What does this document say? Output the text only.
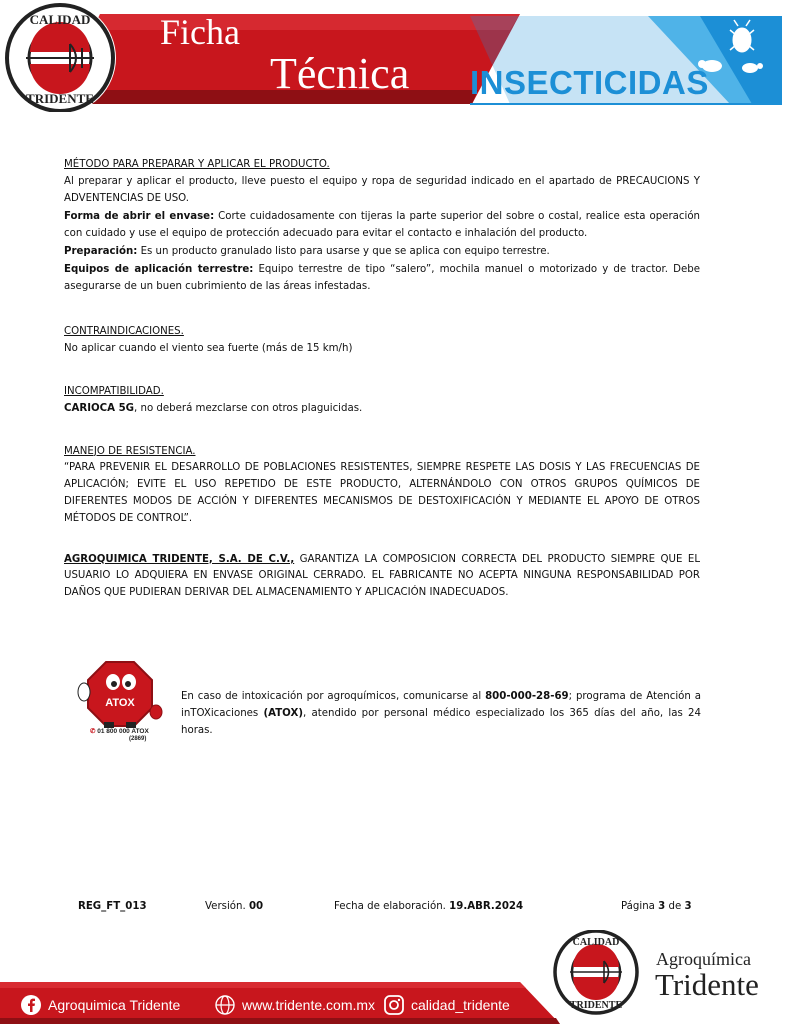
CALIDAD
TRIDENTE
Ficha
Técnica INSECTICIDAS
MÉTODO PARA PREPARAR Y APLICAR EL PRODUCTO.

Al preparar y aplicar el producto, lleve puesto el equipo y ropa de seguridad indicado en el apartado de PRECAUCIONS Y ADVENTENCIAS DE USO.

Forma de abrir el envase: Corte cuidadosamente con tijeras la parte superior del sobre o costal, realice esta operación con cuidado y use el equipo de protección adecuado para evitar el contacto e inhalación del producto.

Preparación: Es un producto granulado listo para usarse y que se aplica con equipo terrestre.

Equipos de aplicación terrestre: Equipo terrestre de tipo “salero”, mochila manuel o motorizado y de tractor. Debe asegurarse de un buen cubrimiento de las áreas infestadas.

CONTRAINDICACIONES.

No aplicar cuando el viento sea fuerte (más de 15 km/h)

INCOMPATIBILIDAD.

CARIOCA 5G, no deberá mezclarse con otros plaguicidas.

MANEJO DE RESISTENCIA.

“PARA PREVENIR EL DESARROLLO DE POBLACIONES RESISTENTES, SIEMPRE RESPETE LAS DOSIS Y LAS FRECUENCIAS DE APLICACIÓN; EVITE EL USO REPETIDO DE ESTE PRODUCTO, ALTERNÁNDOLO CON OTROS GRUPOS QUÍMICOS DE DIFERENTES MODOS DE ACCIÓN Y DIFERENTES MECANISMOS DE DESTOXIFICACIÓN Y MEDIANTE EL APOYO DE OTROS MÉTODOS DE CONTROL”.

AGROQUIMICA TRIDENTE, S.A. DE C.V., GARANTIZA LA COMPOSICION CORRECTA DEL PRODUCTO SIEMPRE QUE EL USUARIO LO ADQUIERA EN ENVASE ORIGINAL CERRADO. EL FABRICANTE NO ACEPTA NINGUNA RESPONSABILIDAD POR DAÑOS QUE PUDIERAN DERIVAR DEL ALMACENAMIENTO Y APLICACIÓN INADECUADOS.

ATOX
✆ 01 800 000 ATOX
(2869)
En caso de intoxicación por agroquímicos, comunicarse al 800-000-28-69; programa de Atención a inTOXicaciones (ATOX), atendido por personal médico especializado los 365 días del año, las 24 horas.
REG_FT_013	Versión. 00	Fecha de elaboración. 19.ABR.2024	Página 3 de 3
CALIDAD
TRIDENTE
Agroquimica Tridente	www.tridente.com.mx	calidad_tridente
Agroquímica
Tridente
